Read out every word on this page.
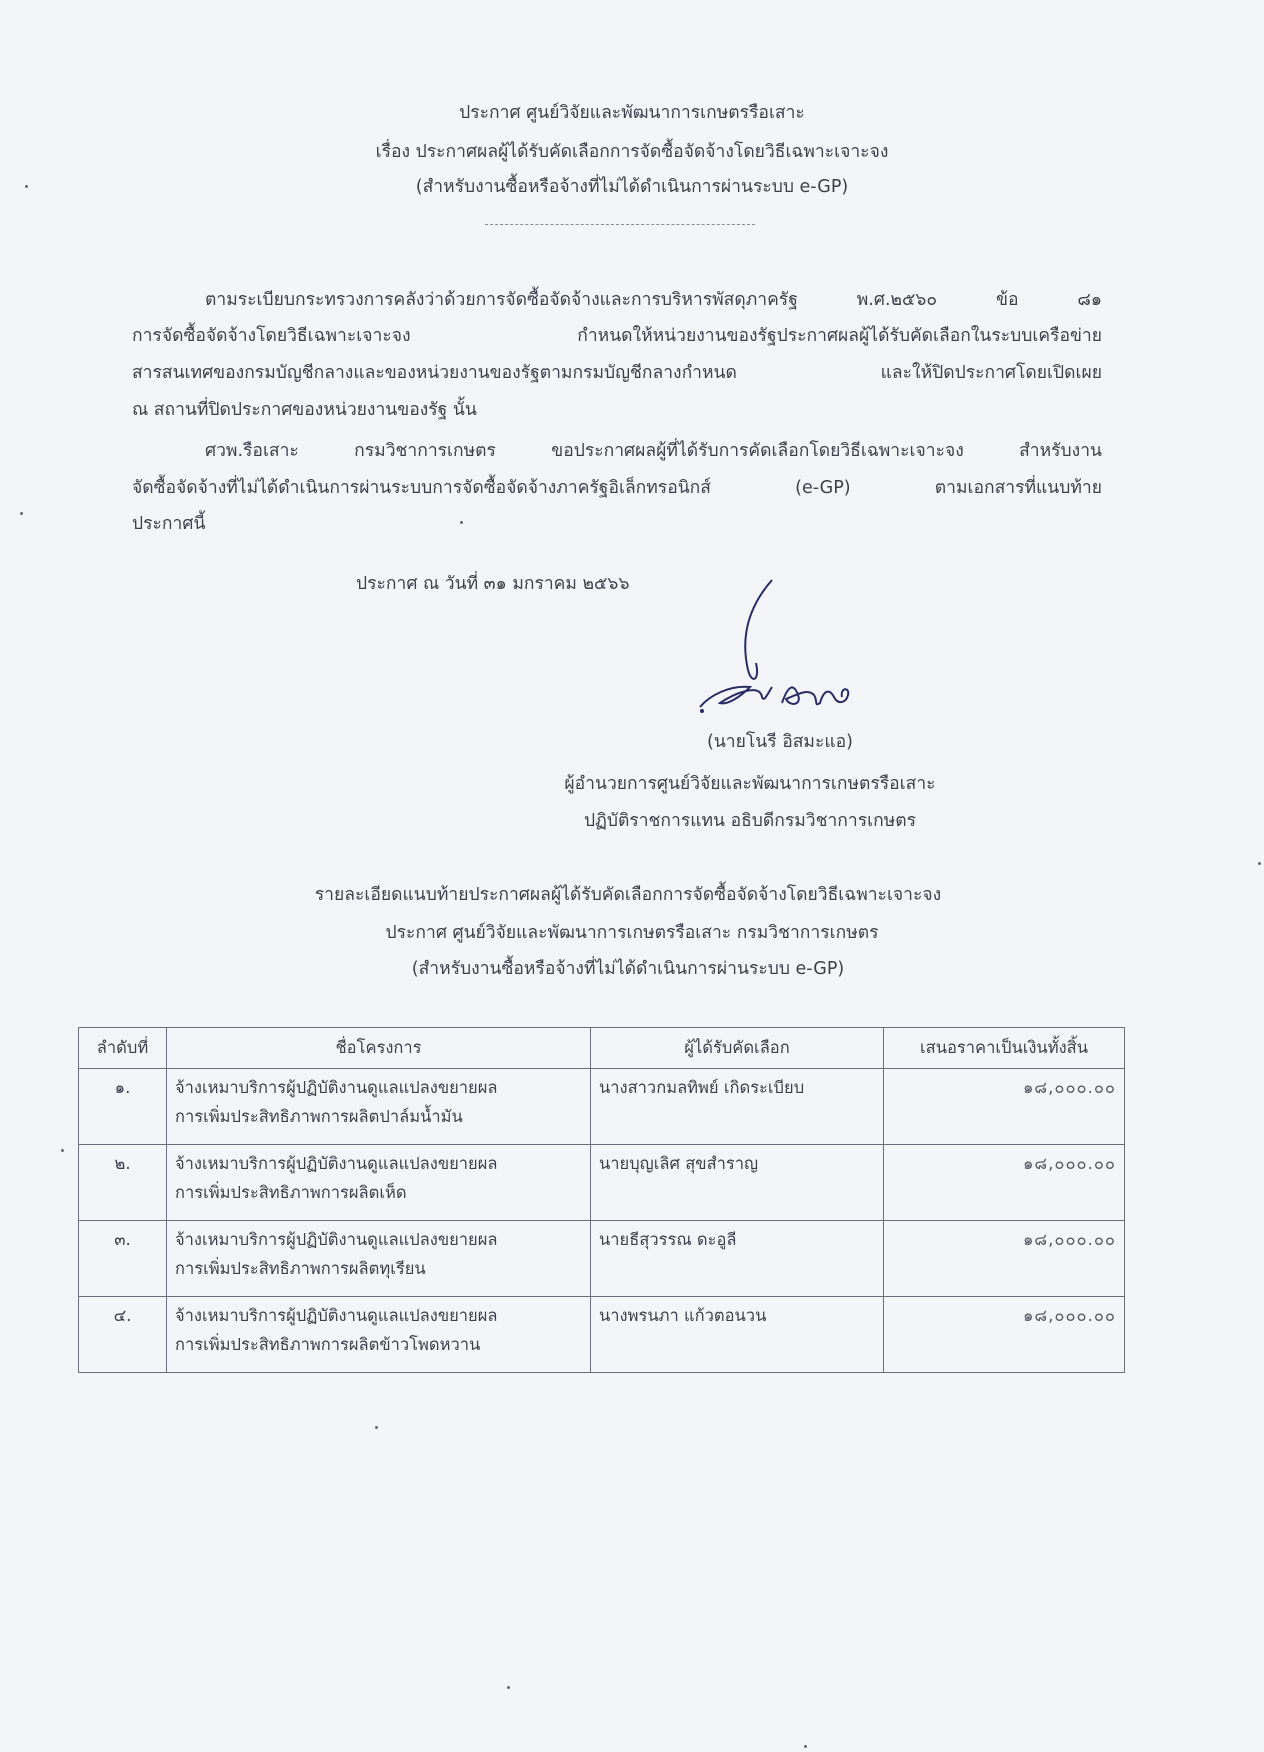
ประกาศ ศูนย์วิจัยและพัฒนาการเกษตรรือเสาะ
เรื่อง ประกาศผลผู้ได้รับคัดเลือกการจัดซื้อจัดจ้างโดยวิธีเฉพาะเจาะจง
(สำหรับงานซื้อหรือจ้างที่ไม่ได้ดำเนินการผ่านระบบ e-GP)
ตามระเบียบกระทรวงการคลังว่าด้วยการจัดซื้อจัดจ้างและการบริหารพัสดุภาครัฐ พ.ศ.๒๕๖๐ ข้อ ๘๑
การจัดซื้อจัดจ้างโดยวิธีเฉพาะเจาะจง กำหนดให้หน่วยงานของรัฐประกาศผลผู้ได้รับคัดเลือกในระบบเครือข่าย
สารสนเทศของกรมบัญชีกลางและของหน่วยงานของรัฐตามกรมบัญชีกลางกำหนด และให้ปิดประกาศโดยเปิดเผย
ณ สถานที่ปิดประกาศของหน่วยงานของรัฐ นั้น
ศวพ.รือเสาะ กรมวิชาการเกษตร ขอประกาศผลผู้ที่ได้รับการคัดเลือกโดยวิธีเฉพาะเจาะจง สำหรับงาน
จัดซื้อจัดจ้างที่ไม่ได้ดำเนินการผ่านระบบการจัดซื้อจัดจ้างภาครัฐอิเล็กทรอนิกส์ (e-GP) ตามเอกสารที่แนบท้าย
ประกาศนี้
ประกาศ ณ วันที่ ๓๑ มกราคม ๒๕๖๖
(นายโนรี อิสมะแอ)
ผู้อำนวยการศูนย์วิจัยและพัฒนาการเกษตรรือเสาะ
ปฏิบัติราชการแทน อธิบดีกรมวิชาการเกษตร
รายละเอียดแนบท้ายประกาศผลผู้ได้รับคัดเลือกการจัดซื้อจัดจ้างโดยวิธีเฉพาะเจาะจง
ประกาศ ศูนย์วิจัยและพัฒนาการเกษตรรือเสาะ กรมวิชาการเกษตร
(สำหรับงานซื้อหรือจ้างที่ไม่ได้ดำเนินการผ่านระบบ e-GP)
ลำดับที่	ชื่อโครงการ	ผู้ได้รับคัดเลือก	เสนอราคาเป็นเงินทั้งสิ้น
๑.	จ้างเหมาบริการผู้ปฏิบัติงานดูแลแปลงขยายผล
การเพิ่มประสิทธิภาพการผลิตปาล์มน้ำมัน	นางสาวกมลทิพย์ เกิดระเบียบ	๑๘,๐๐๐.๐๐
๒.	จ้างเหมาบริการผู้ปฏิบัติงานดูแลแปลงขยายผล
การเพิ่มประสิทธิภาพการผลิตเห็ด	นายบุญเลิศ สุขสำราญ	๑๘,๐๐๐.๐๐
๓.	จ้างเหมาบริการผู้ปฏิบัติงานดูแลแปลงขยายผล
การเพิ่มประสิทธิภาพการผลิตทุเรียน	นายธีสุวรรณ ดะอูลี	๑๘,๐๐๐.๐๐
๔.	จ้างเหมาบริการผู้ปฏิบัติงานดูแลแปลงขยายผล
การเพิ่มประสิทธิภาพการผลิตข้าวโพดหวาน	นางพรนภา แก้วตอนวน	๑๘,๐๐๐.๐๐
